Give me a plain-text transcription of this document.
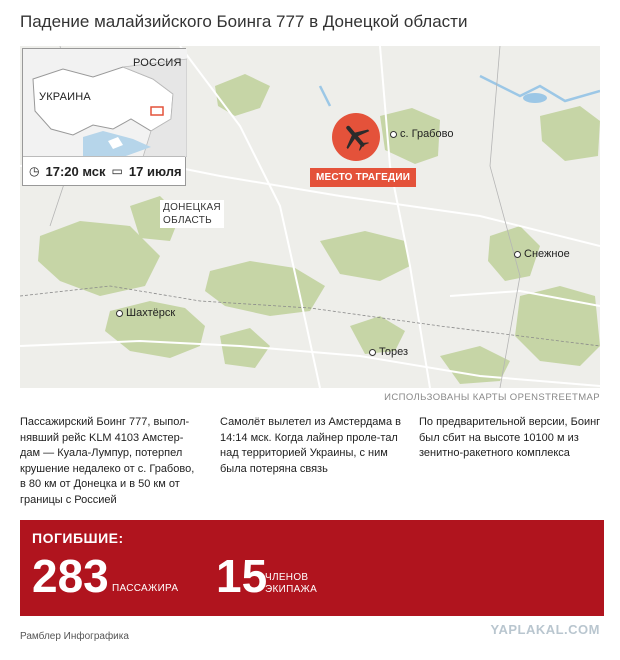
Падение малайзийского Боинга 777 в Донецкой области
РОССИЯ
УКРАИНА
◷ 17:20 мск ▭ 17 июля
ДОНЕЦКАЯ
ОБЛАСТЬ
с. Грабово
Снежное
Шахтёрск
Торез
МЕСТО ТРАГЕДИИ
ИСПОЛЬЗОВАНЫ КАРТЫ OPENSTREETMAP
Пассажирский Боинг 777, выпол-нявший рейс KLM 4103 Амстер-дам — Куала-Лумпур, потерпел крушение недалеко от с. Грабово, в 80 км от Донецка и в 50 км от границы с Россией
Самолёт вылетел из Амстердама в 14:14 мск. Когда лайнер проле-тал над территорией Украины, с ним была потеряна связь
По предварительной версии, Боинг был сбит на высоте 10100 м из зенитно-ракетного комплекса
ПОГИБШИЕ:
283 ПАССАЖИРА 15
ЧЛЕНОВ
ЭКИПАЖА
Рамблер Инфографика	YAPLAKAL.COM
